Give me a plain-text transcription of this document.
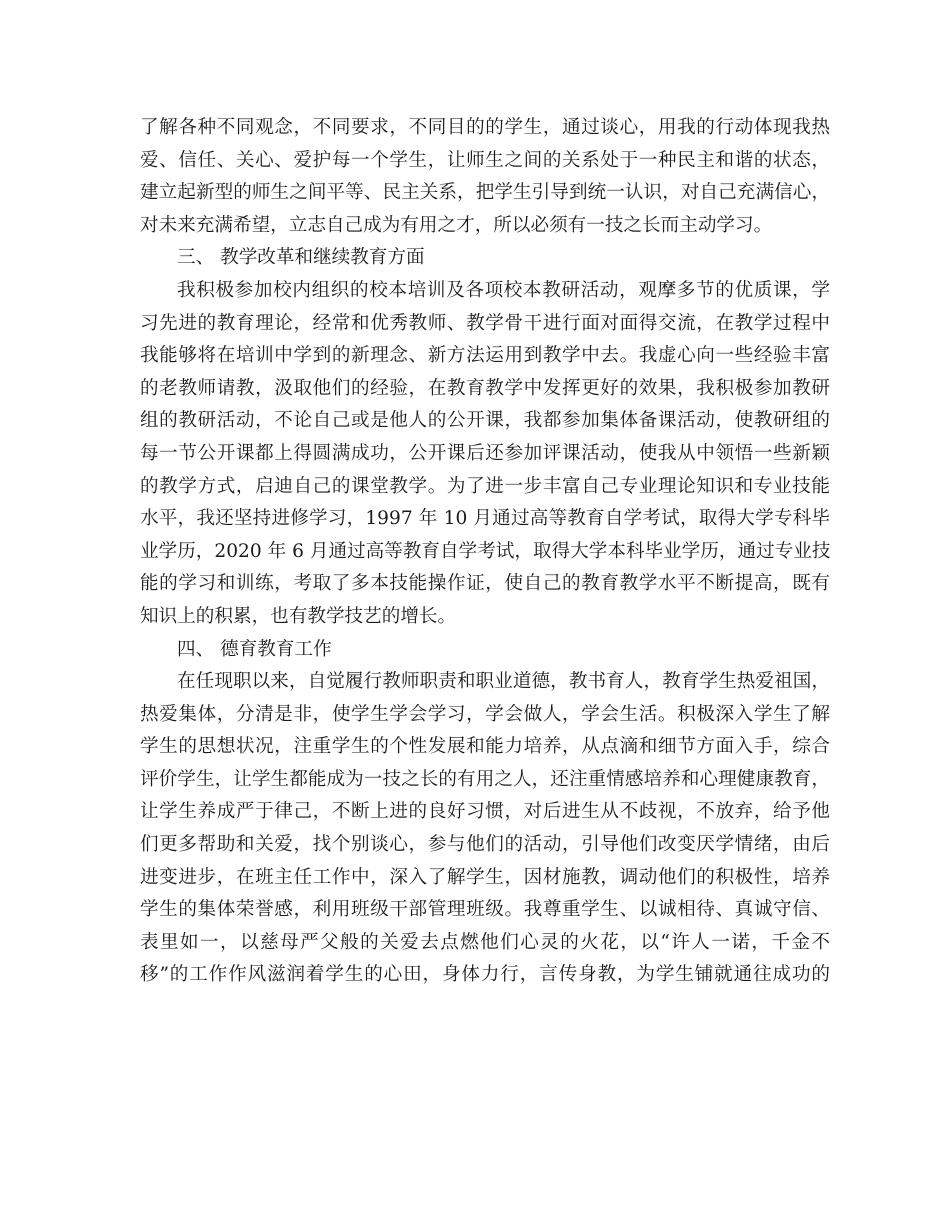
了解各种不同观念，不同要求，不同目的的学生，通过谈心，用我的行动体现我热
爱、信任、关心、爱护每一个学生，让师生之间的关系处于一种民主和谐的状态，
建立起新型的师生之间平等、民主关系，把学生引导到统一认识，对自己充满信心，
对未来充满希望，立志自己成为有用之才，所以必须有一技之长而主动学习。
三、 教学改革和继续教育方面
我积极参加校内组织的校本培训及各项校本教研活动，观摩多节的优质课，学
习先进的教育理论，经常和优秀教师、教学骨干进行面对面得交流，在教学过程中
我能够将在培训中学到的新理念、新方法运用到教学中去。我虚心向一些经验丰富
的老教师请教，汲取他们的经验，在教育教学中发挥更好的效果，我积极参加教研
组的教研活动，不论自己或是他人的公开课，我都参加集体备课活动，使教研组的
每一节公开课都上得圆满成功，公开课后还参加评课活动，使我从中领悟一些新颖
的教学方式，启迪自己的课堂教学。为了进一步丰富自己专业理论知识和专业技能
水平，我还坚持进修学习，1997 年 10 月通过高等教育自学考试，取得大学专科毕
业学历，2020 年 6 月通过高等教育自学考试，取得大学本科毕业学历，通过专业技
能的学习和训练，考取了多本技能操作证，使自己的教育教学水平不断提高，既有
知识上的积累，也有教学技艺的增长。
四、 德育教育工作
在任现职以来，自觉履行教师职责和职业道德，教书育人，教育学生热爱祖国，
热爱集体，分清是非，使学生学会学习，学会做人，学会生活。积极深入学生了解
学生的思想状况，注重学生的个性发展和能力培养，从点滴和细节方面入手，综合
评价学生，让学生都能成为一技之长的有用之人，还注重情感培养和心理健康教育，
让学生养成严于律己，不断上进的良好习惯，对后进生从不歧视，不放弃，给予他
们更多帮助和关爱，找个别谈心，参与他们的活动，引导他们改变厌学情绪，由后
进变进步，在班主任工作中，深入了解学生，因材施教，调动他们的积极性，培养
学生的集体荣誉感，利用班级干部管理班级。我尊重学生、以诚相待、真诚守信、
表里如一，以慈母严父般的关爱去点燃他们心灵的火花，以“许人一诺，千金不
移”的工作作风滋润着学生的心田，身体力行，言传身教，为学生铺就通往成功的
